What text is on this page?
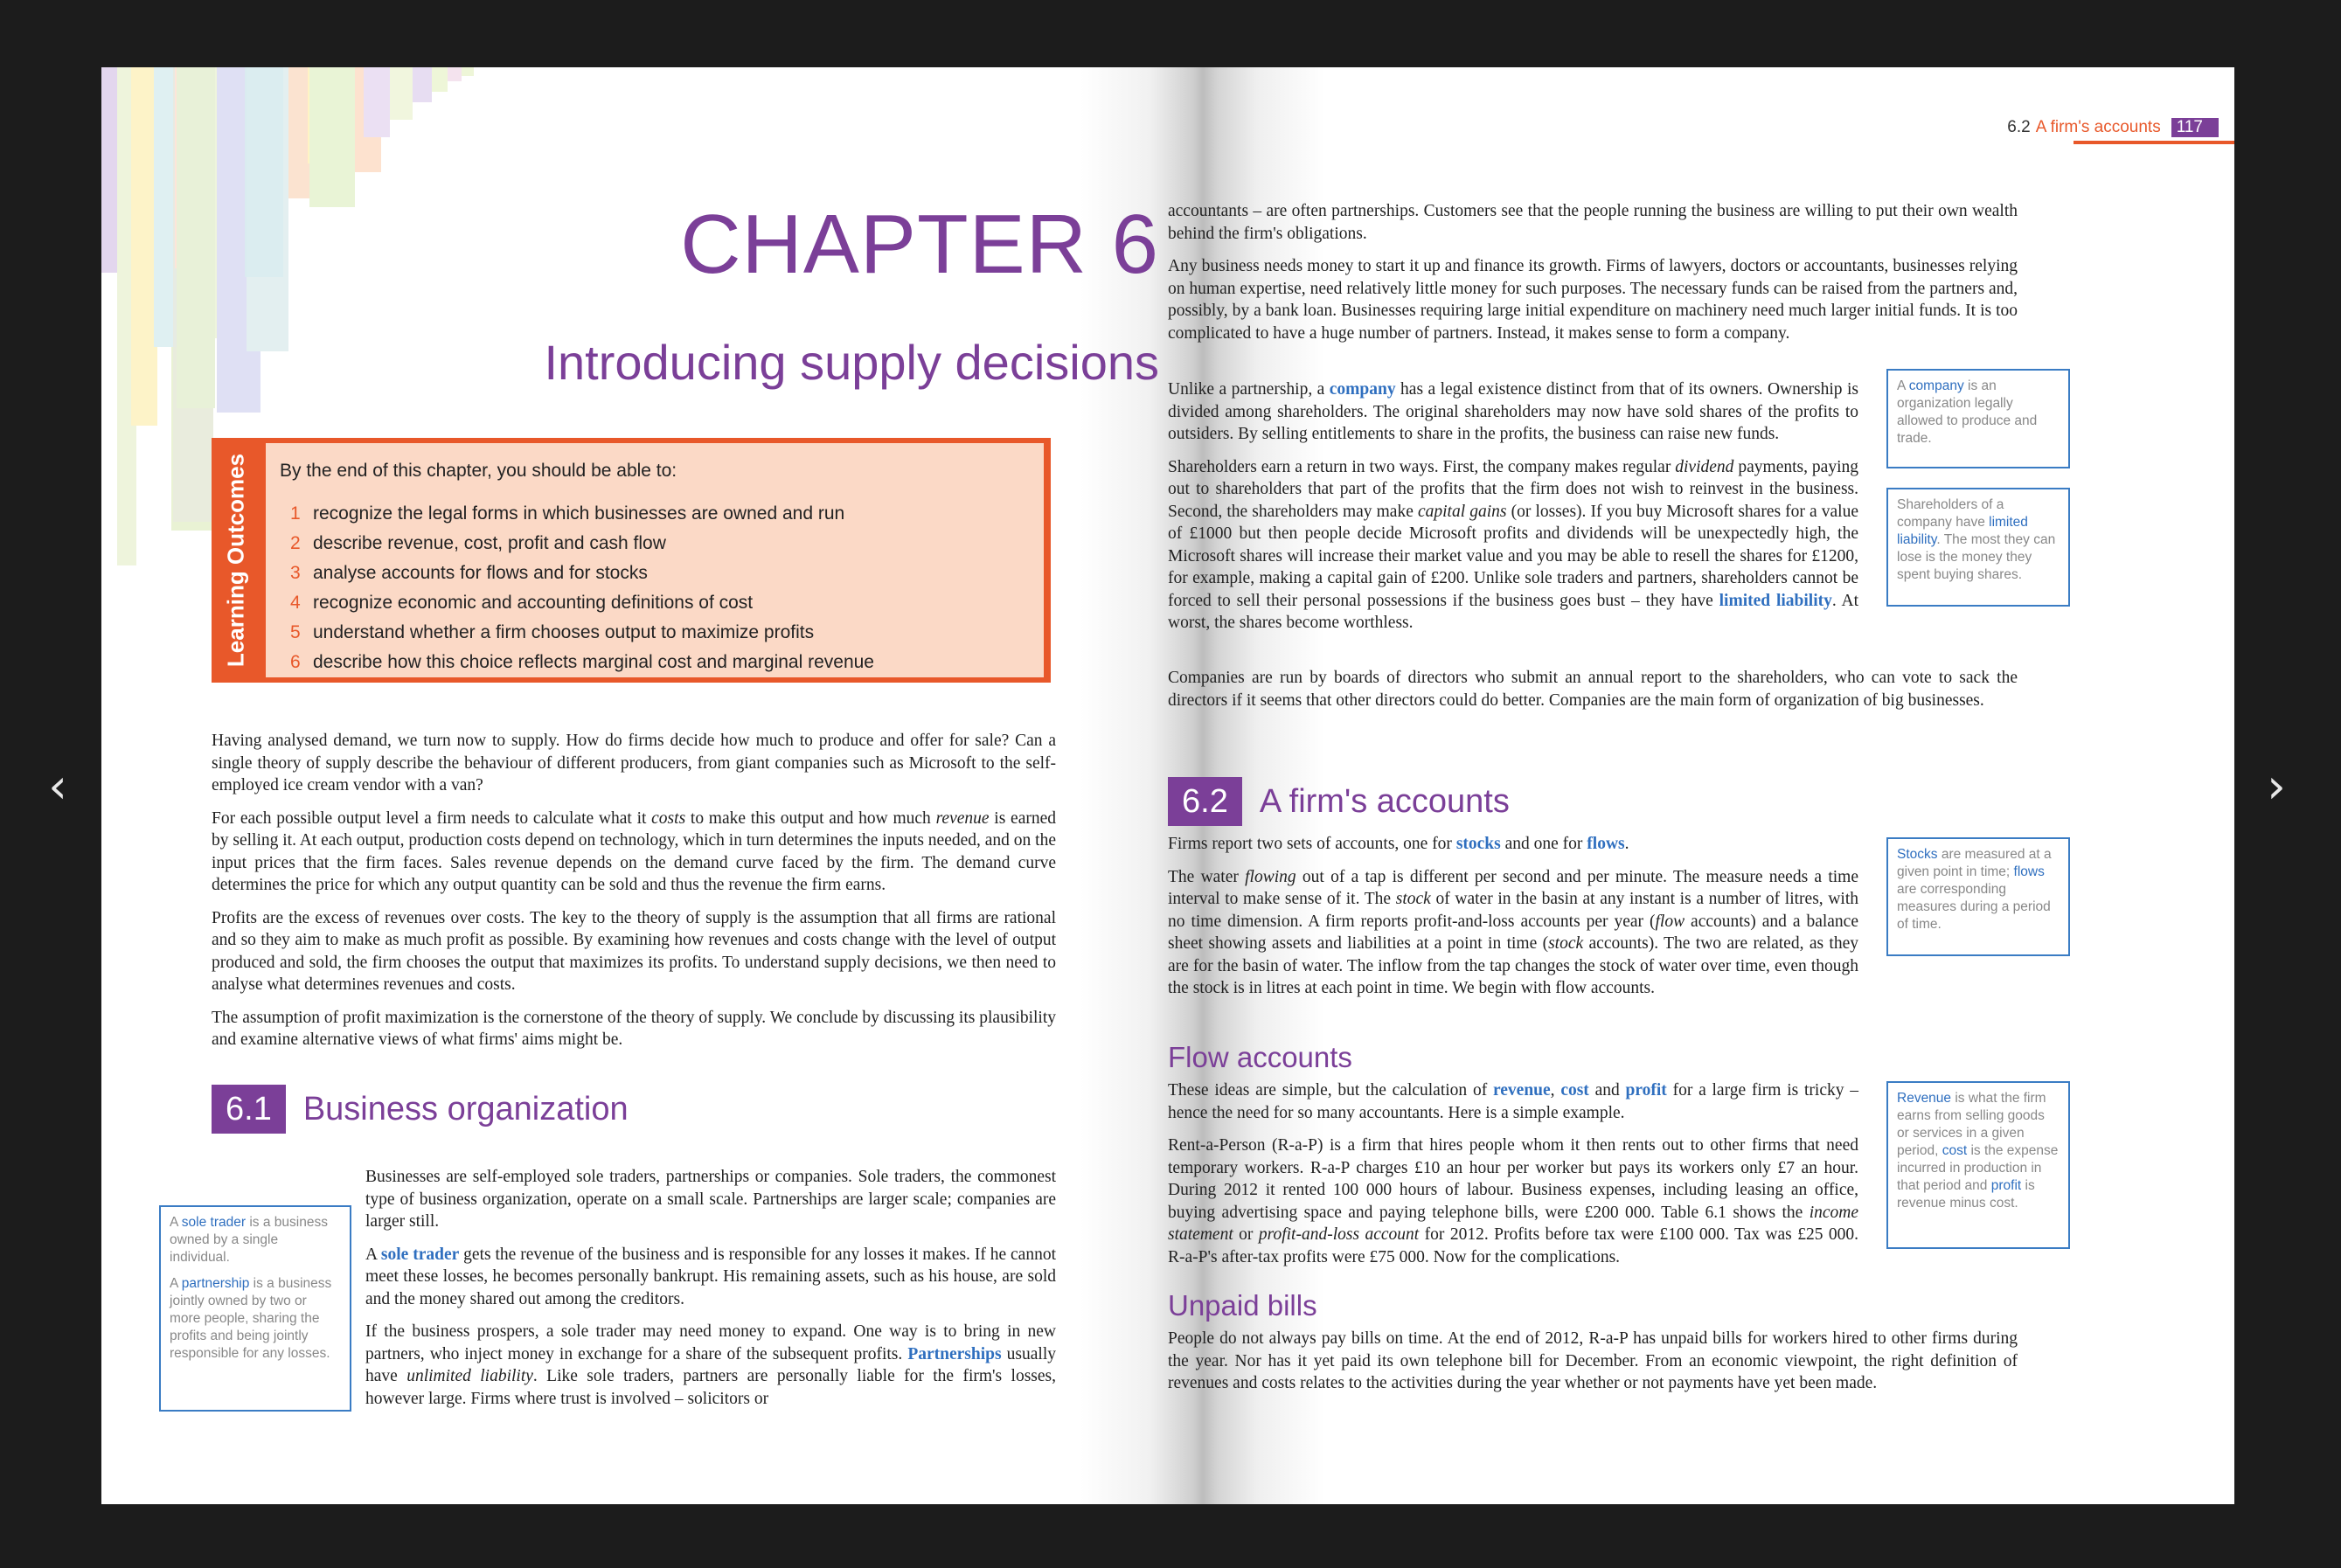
‹	›
CHAPTER 6
Introducing supply decisions
Learning Outcomes By the end of this chapter, you should be able to:
1 recognize the legal forms in which businesses are owned and run
2 describe revenue, cost, profit and cash flow
3 analyse accounts for flows and for stocks
4 recognize economic and accounting definitions of cost
5 understand whether a firm chooses output to maximize profits
6 describe how this choice reflects marginal cost and marginal revenue

Having analysed demand, we turn now to supply. How do firms decide how much to produce and offer for sale? Can a single theory of supply describe the behaviour of different producers, from giant companies such as Microsoft to the self-employed ice cream vendor with a van?

For each possible output level a firm needs to calculate what it costs to make this output and how much revenue is earned by selling it. At each output, production costs depend on technology, which in turn determines the inputs needed, and on the input prices that the firm faces. Sales revenue depends on the demand curve faced by the firm. The demand curve determines the price for which any output quantity can be sold and thus the revenue the firm earns.

Profits are the excess of revenues over costs. The key to the theory of supply is the assumption that all firms are rational and so they aim to make as much profit as possible. By examining how revenues and costs change with the level of output produced and sold, the firm chooses the output that maximizes its profits. To understand supply decisions, we then need to analyse what determines revenues and costs.

The assumption of profit maximization is the cornerstone of the theory of supply. We conclude by discussing its plausibility and examine alternative views of what firms' aims might be.

6.1 Business organization

A sole trader is a business owned by a single individual.

A partnership is a business jointly owned by two or more people, sharing the profits and being jointly responsible for any losses.

Businesses are self-employed sole traders, partnerships or companies. Sole traders, the commonest type of business organization, operate on a small scale. Partnerships are larger scale; companies are larger still.

A sole trader gets the revenue of the business and is responsible for any losses it makes. If he cannot meet these losses, he becomes personally bankrupt. His remaining assets, such as his house, are sold and the money shared out among the creditors.

If the business prospers, a sole trader may need money to expand. One way is to bring in new partners, who inject money in exchange for a share of the subsequent profits. Partnerships usually have unlimited liability. Like sole traders, partners are personally liable for the firm's losses, however large. Firms where trust is involved – solicitors or

6.2 A firm's accounts 117

accountants – are often partnerships. Customers see that the people running the business are willing to put their own wealth behind the firm's obligations.

Any business needs money to start it up and finance its growth. Firms of lawyers, doctors or accountants, businesses relying on human expertise, need relatively little money for such purposes. The necessary funds can be raised from the partners and, possibly, by a bank loan. Businesses requiring large initial expenditure on machinery need much larger initial funds. It is too complicated to have a huge number of partners. Instead, it makes sense to form a company.

Unlike a partnership, a company has a legal existence distinct from that of its owners. Ownership is divided among shareholders. The original shareholders may now have sold shares of the profits to outsiders. By selling entitlements to share in the profits, the business can raise new funds.

Shareholders earn a return in two ways. First, the company makes regular dividend payments, paying out to shareholders that part of the profits that the firm does not wish to reinvest in the business. Second, the shareholders may make capital gains (or losses). If you buy Microsoft shares for a value of £1000 but then people decide Microsoft profits and dividends will be unexpectedly high, the Microsoft shares will increase their market value and you may be able to resell the shares for £1200, for example, making a capital gain of £200. Unlike sole traders and partners, shareholders cannot be forced to sell their personal possessions if the business goes bust – they have limited liability. At worst, the shares become worthless.

Companies are run by boards of directors who submit an annual report to the shareholders, who can vote to sack the directors if it seems that other directors could do better. Companies are the main form of organization of big businesses.

A company is an organization legally allowed to produce and trade.

Shareholders of a company have limited liability. The most they can lose is the money they spent buying shares.

6.2 A firm's accounts

Firms report two sets of accounts, one for stocks and one for flows.

The water flowing out of a tap is different per second and per minute. The measure needs a time interval to make sense of it. The stock of water in the basin at any instant is a number of litres, with no time dimension. A firm reports profit-and-loss accounts per year (flow accounts) and a balance sheet showing assets and liabilities at a point in time (stock accounts). The two are related, as they are for the basin of water. The inflow from the tap changes the stock of water over time, even though the stock is in litres at each point in time. We begin with flow accounts.

Stocks are measured at a given point in time; flows are corresponding measures during a period of time.

Flow accounts

These ideas are simple, but the calculation of revenue, cost and profit for a large firm is tricky – hence the need for so many accountants. Here is a simple example.

Rent-a-Person (R-a-P) is a firm that hires people whom it then rents out to other firms that need temporary workers. R-a-P charges £10 an hour per worker but pays its workers only £7 an hour. During 2012 it rented 100 000 hours of labour. Business expenses, including leasing an office, buying advertising space and paying telephone bills, were £200 000. Table 6.1 shows the income statement or profit-and-loss account for 2012. Profits before tax were £100 000. Tax was £25 000. R-a-P's after-tax profits were £75 000. Now for the complications.

Revenue is what the firm earns from selling goods or services in a given period, cost is the expense incurred in production in that period and profit is revenue minus cost.

Unpaid bills

People do not always pay bills on time. At the end of 2012, R-a-P has unpaid bills for workers hired to other firms during the year. Nor has it yet paid its own telephone bill for December. From an economic viewpoint, the right definition of revenues and costs relates to the activities during the year whether or not payments have yet been made.
